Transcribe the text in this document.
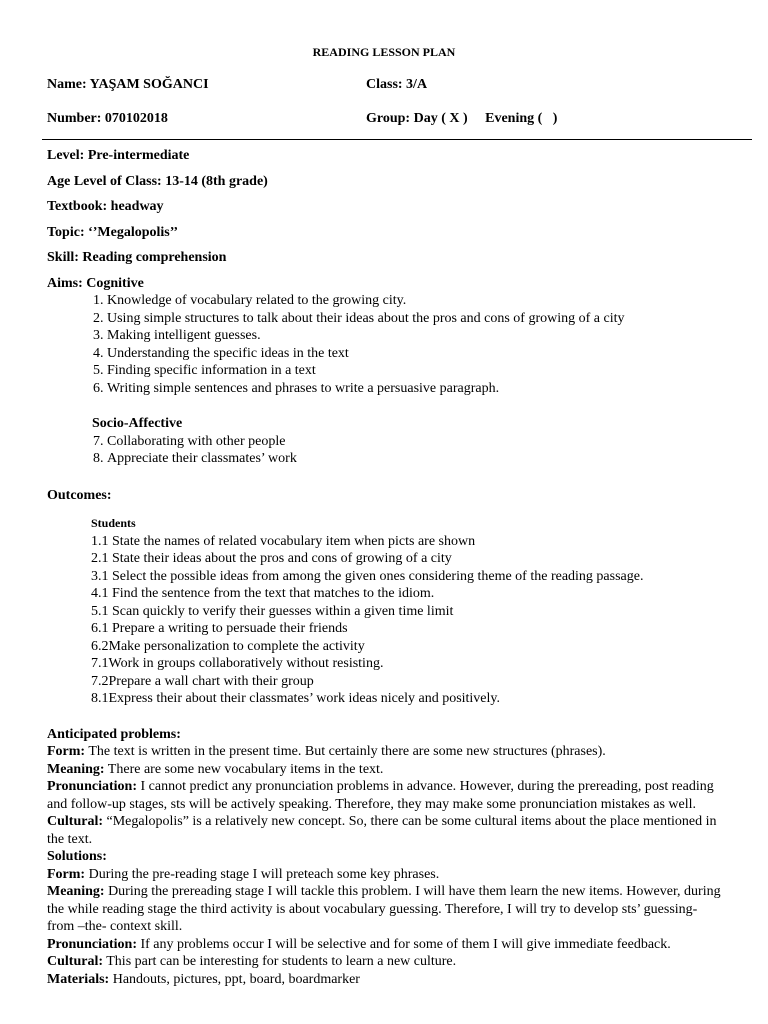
READING LESSON PLAN
Name: YAŞAM SOĞANCI	Class: 3/A
Number: 070102018	Group: Day ( X )     Evening (   )

Level: Pre-intermediate

Age Level of Class: 13-14 (8th grade)

Textbook: headway

Topic: ‘’Megalopolis’’

Skill: Reading comprehension

Aims: Cognitive

1. Knowledge of vocabulary related to the growing city.
2. Using simple structures to talk about their ideas about the pros and cons of growing of a city
3. Making intelligent guesses.
4. Understanding the specific ideas in the text
5. Finding specific information in a text
6. Writing simple sentences and phrases to write a persuasive paragraph.

Socio-Affective

7. Collaborating with other people
8. Appreciate their classmates’ work

Outcomes:

Students

1.1 State the names of related vocabulary item when picts are shown

2.1 State their ideas about the pros and cons of growing of a city

3.1 Select the possible ideas from among the given ones considering theme of the reading passage.

4.1 Find the sentence from the text that matches to the idiom.

5.1 Scan quickly to verify their guesses within a given time limit

6.1 Prepare a writing to persuade their friends

6.2Make personalization to complete the activity

7.1Work in groups collaboratively without resisting.

7.2Prepare a wall chart with their group

8.1Express their about their classmates’ work ideas nicely and positively.

Anticipated problems:

Form: The text is written in the present time. But certainly there are some new structures (phrases).

Meaning: There are some new vocabulary items in the text.

Pronunciation: I cannot predict any pronunciation problems in advance. However, during the prereading, post reading and follow-up stages, sts will be actively speaking. Therefore, they may make some pronunciation mistakes as well.

Cultural: “Megalopolis” is a relatively new concept. So, there can be some cultural items about the place mentioned in the text.

Solutions:

Form: During the pre-reading stage I will preteach some key phrases.

Meaning: During the prereading stage I will tackle this problem. I will have them learn the new items. However, during the while reading stage the third activity is about vocabulary guessing. Therefore, I will try to develop sts’ guessing- from –the- context skill.

Pronunciation: If any problems occur I will be selective and for some of them I will give immediate feedback.

Cultural: This part can be interesting for students to learn a new culture.

Materials: Handouts, pictures, ppt, board, boardmarker
